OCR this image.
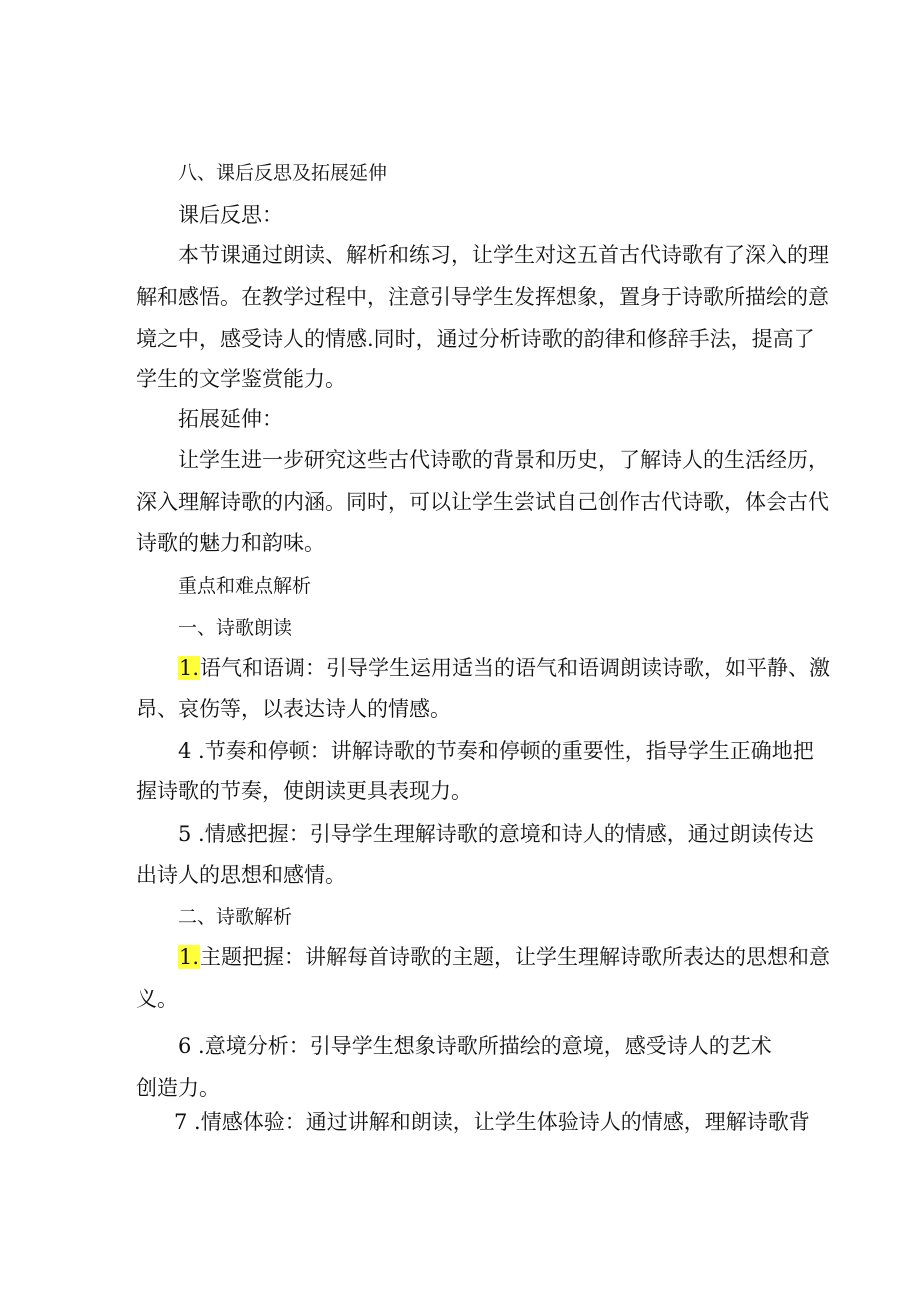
八、课后反思及拓展延伸
课后反思：
本节课通过朗读、解析和练习，让学生对这五首古代诗歌有了深入的理
解和感悟。在教学过程中，注意引导学生发挥想象，置身于诗歌所描绘的意
境之中，感受诗人的情感.同时，通过分析诗歌的韵律和修辞手法，提高了
学生的文学鉴赏能力。
拓展延伸：
让学生进一步研究这些古代诗歌的背景和历史，了解诗人的生活经历，
深入理解诗歌的内涵。同时，可以让学生尝试自己创作古代诗歌，体会古代
诗歌的魅力和韵味。
重点和难点解析
一、诗歌朗读
1.语气和语调：引导学生运用适当的语气和语调朗读诗歌，如平静、激
昂、哀伤等，以表达诗人的情感。
4 .节奏和停顿：讲解诗歌的节奏和停顿的重要性，指导学生正确地把
握诗歌的节奏，使朗读更具表现力。
5 .情感把握：引导学生理解诗歌的意境和诗人的情感，通过朗读传达
出诗人的思想和感情。
二、诗歌解析
1.主题把握：讲解每首诗歌的主题，让学生理解诗歌所表达的思想和意
义。
6 .意境分析：引导学生想象诗歌所描绘的意境，感受诗人的艺术
创造力。
7 .情感体验：通过讲解和朗读，让学生体验诗人的情感，理解诗歌背
